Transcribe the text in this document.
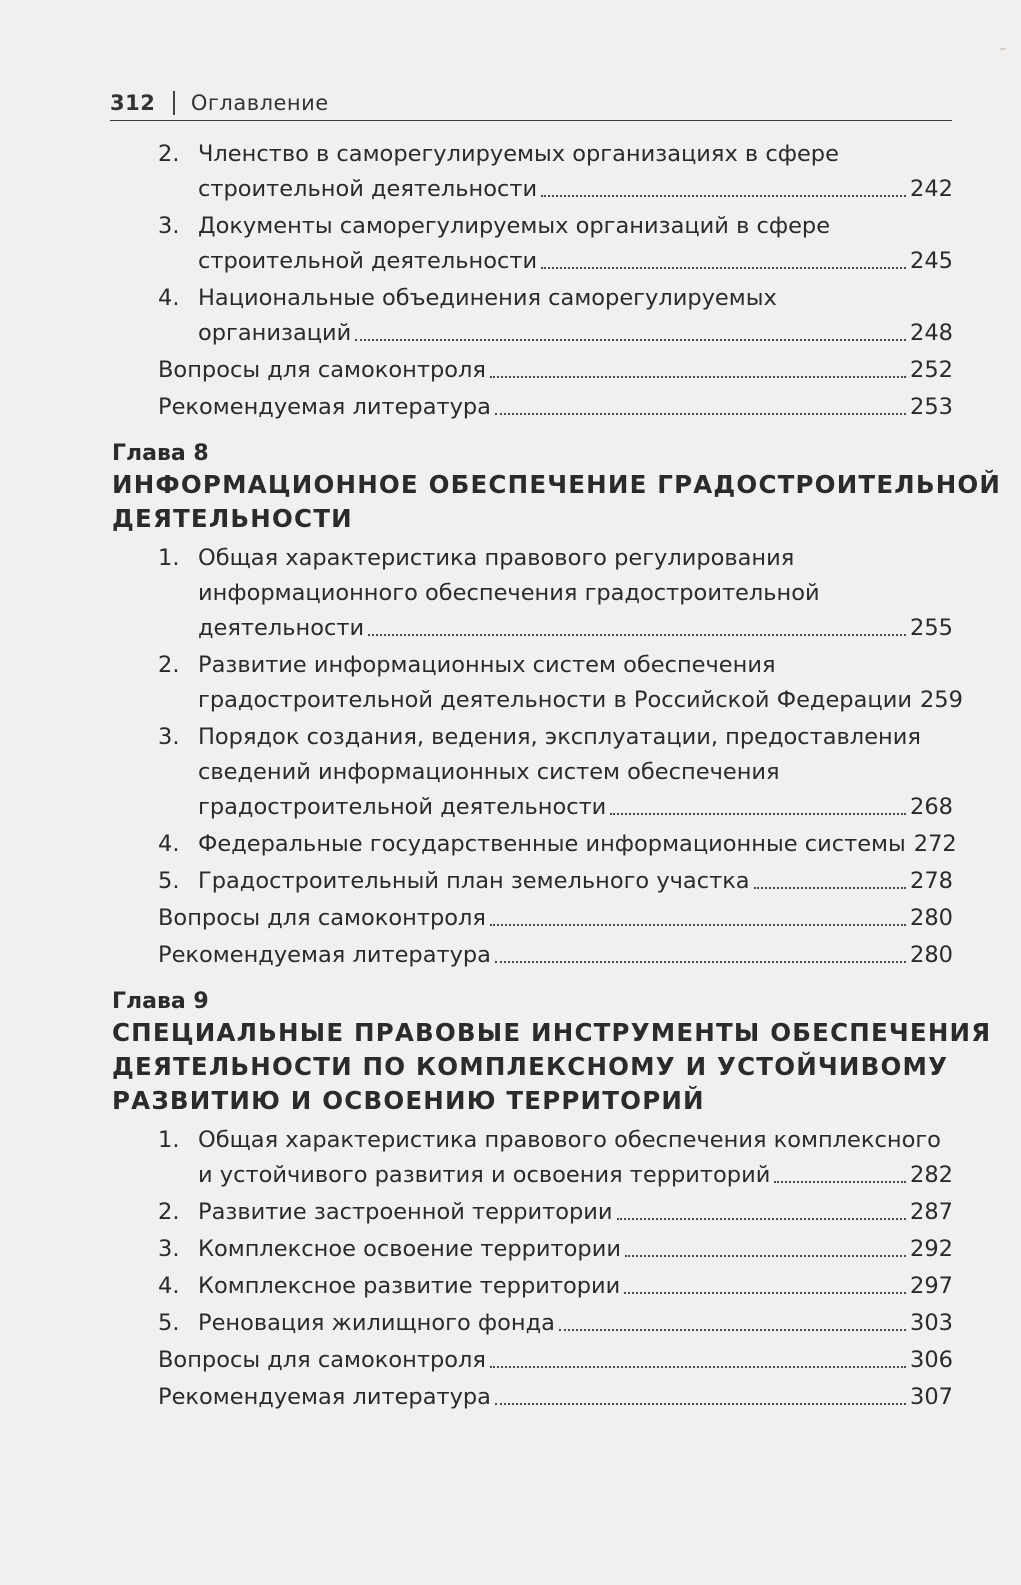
312 Оглавление
2. Членство в саморегулируемых организациях в сфере
строительной деятельности	242
3. Документы саморегулируемых организаций в сфере
строительной деятельности	245
4. Национальные объединения саморегулируемых
организаций	248
Вопросы для самоконтроля	252
Рекомендуемая литература	253
Глава 8
ИНФОРМАЦИОННОЕ ОБЕСПЕЧЕНИЕ ГРАДОСТРОИТЕЛЬНОЙ
ДЕЯТЕЛЬНОСТИ
1. Общая характеристика правового регулирования
информационного обеспечения градостроительной
деятельности	255
2. Развитие информационных систем обеспечения
градостроительной деятельности в Российской Федерации 259
3. Порядок создания, ведения, эксплуатации, предоставления
сведений информационных систем обеспечения
градостроительной деятельности	268
4. Федеральные государственные информационные системы 272
5. Градостроительный план земельного участка	278
Вопросы для самоконтроля	280
Рекомендуемая литература	280
Глава 9
СПЕЦИАЛЬНЫЕ ПРАВОВЫЕ ИНСТРУМЕНТЫ ОБЕСПЕЧЕНИЯ
ДЕЯТЕЛЬНОСТИ ПО КОМПЛЕКСНОМУ И УСТОЙЧИВОМУ
РАЗВИТИЮ И ОСВОЕНИЮ ТЕРРИТОРИЙ
1. Общая характеристика правового обеспечения комплексного
и устойчивого развития и освоения территорий	282
2. Развитие застроенной территории	287
3. Комплексное освоение территории	292
4. Комплексное развитие территории	297
5. Реновация жилищного фонда	303
Вопросы для самоконтроля	306
Рекомендуемая литература	307
